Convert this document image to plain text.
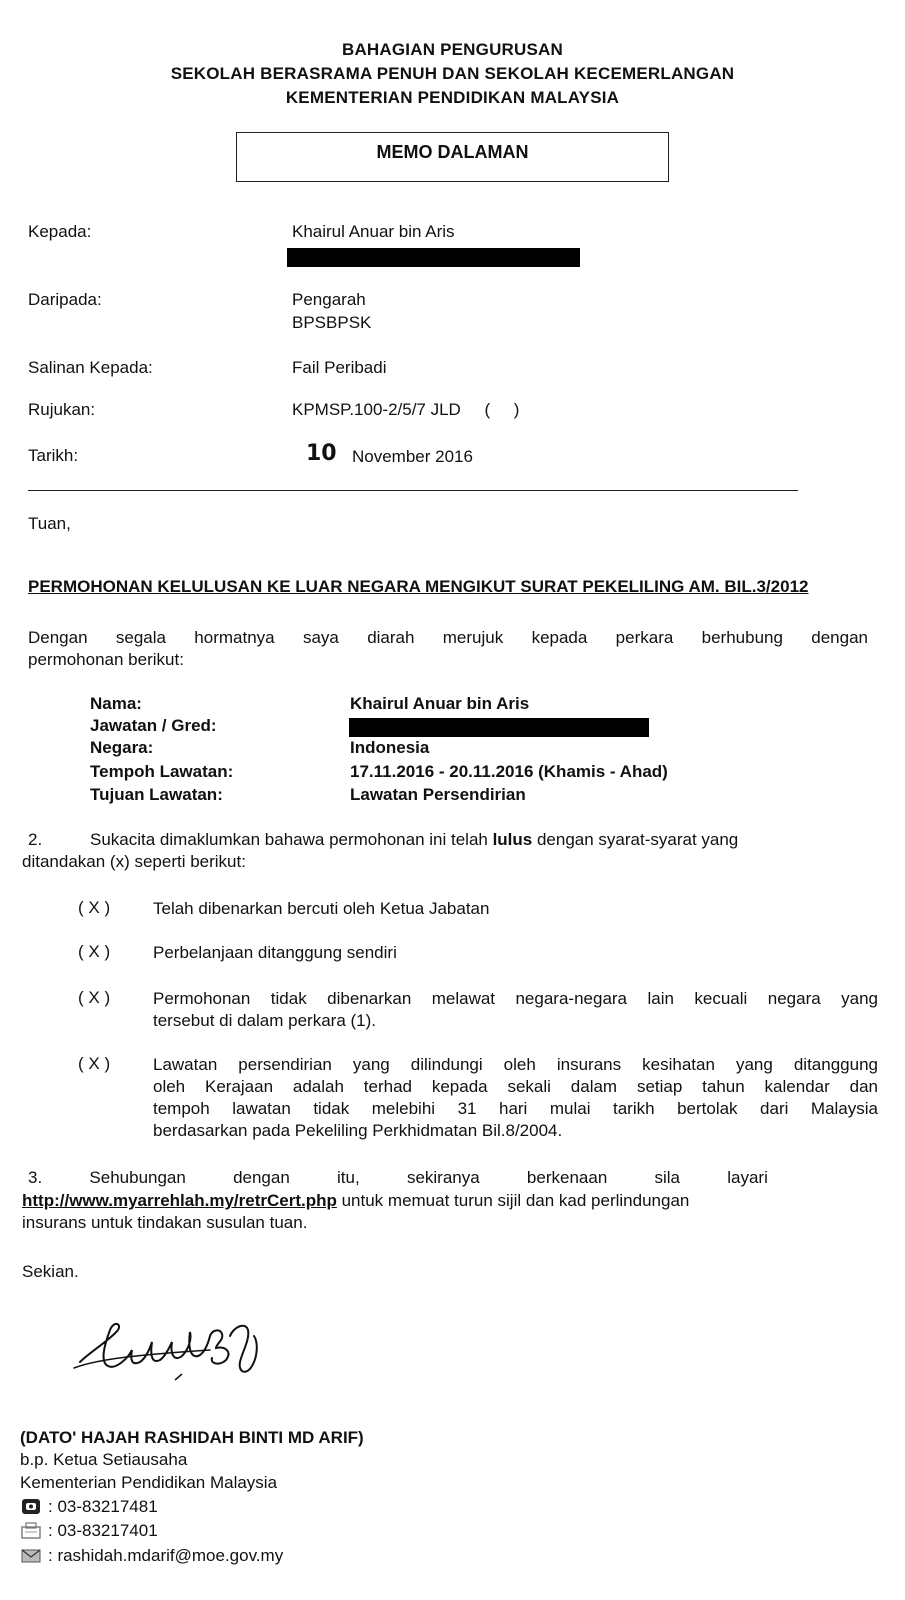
BAHAGIAN PENGURUSAN
SEKOLAH BERASRAMA PENUH DAN SEKOLAH KECEMERLANGAN
KEMENTERIAN PENDIDIKAN MALAYSIA
MEMO DALAMAN
Kepada:	Khairul Anuar bin Aris
Daripada:	Pengarah
BPSBPSK
Salinan Kepada:	Fail Peribadi
Rujukan:	KPMSP.100-2/5/7 JLD     (     )
Tarikh:	10 November 2016
Tuan,
PERMOHONAN KELULUSAN KE LUAR NEGARA MENGIKUT SURAT PEKELILING AM. BIL.3/2012
Dengan segala hormatnya saya diarah merujuk kepada perkara berhubung dengan
permohonan berikut:
Nama:	Khairul Anuar bin Aris
Jawatan / Gred:
Negara:	Indonesia
Tempoh Lawatan:	17.11.2016 - 20.11.2016 (Khamis - Ahad)
Tujuan Lawatan:	Lawatan Persendirian
2.	Sukacita dimaklumkan bahawa permohonan ini telah lulus dengan syarat-syarat yang
ditandakan (x) seperti berikut:
( X )	Telah dibenarkan bercuti oleh Ketua Jabatan
( X )	Perbelanjaan ditanggung sendiri
( X )	Permohonan tidak dibenarkan melawat negara-negara lain kecuali negara yang
tersebut di dalam perkara (1).
( X )	Lawatan persendirian yang dilindungi oleh insurans kesihatan yang ditanggung
oleh Kerajaan adalah terhad kepada sekali dalam setiap tahun kalendar dan
tempoh lawatan tidak melebihi 31 hari mulai tarikh bertolak dari Malaysia
berdasarkan pada Pekeliling Perkhidmatan Bil.8/2004.
3.          Sehubungan          dengan          itu,          sekiranya          berkenaan          sila          layari
http://www.myarrehlah.my/retrCert.php untuk memuat turun sijil dan kad perlindungan
insurans untuk tindakan susulan tuan.
Sekian.
(DATO' HAJAH RASHIDAH BINTI MD ARIF)
b.p. Ketua Setiausaha
Kementerian Pendidikan Malaysia
: 03-83217481
: 03-83217401
: rashidah.mdarif@moe.gov.my
